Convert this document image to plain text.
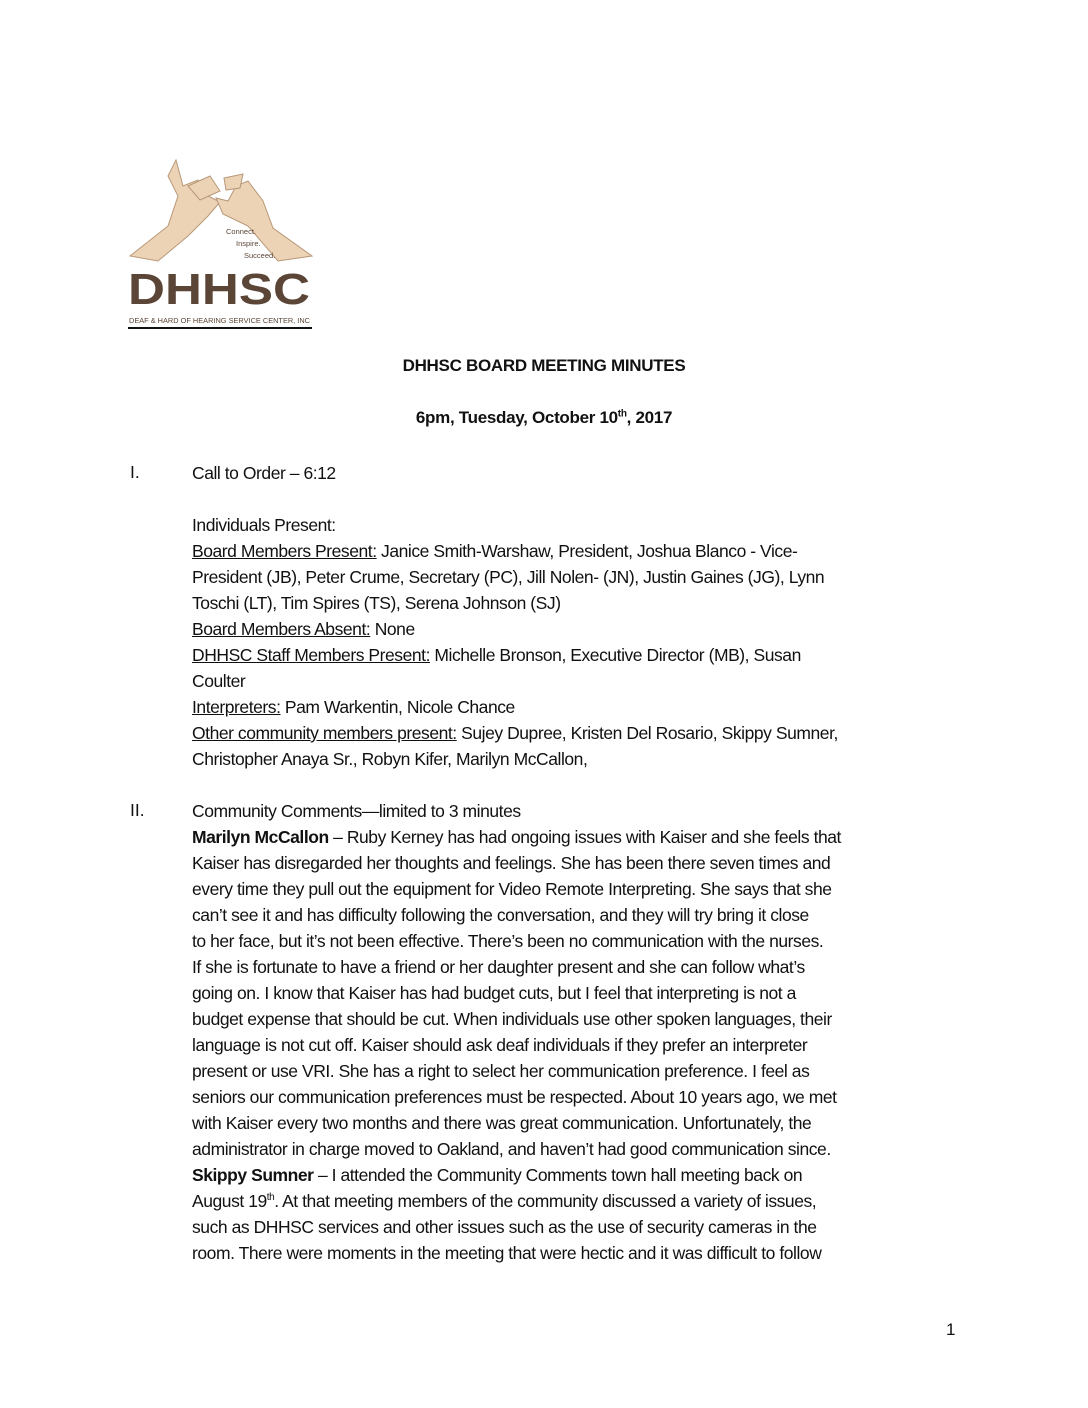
Connect.
Inspire.
Succeed.
DHHSC
DEAF & HARD OF HEARING SERVICE CENTER, INC
DHHSC BOARD MEETING MINUTES
6pm, Tuesday, October 10th, 2017
I.	Call to Order – 6:12
Individuals Present:
Board Members Present: Janice Smith-Warshaw, President, Joshua Blanco - Vice-
President (JB), Peter Crume, Secretary (PC), Jill Nolen- (JN), Justin Gaines (JG), Lynn
Toschi (LT), Tim Spires (TS), Serena Johnson (SJ)
Board Members Absent: None
DHHSC Staff Members Present: Michelle Bronson, Executive Director (MB), Susan
Coulter
Interpreters: Pam Warkentin, Nicole Chance
Other community members present: Sujey Dupree, Kristen Del Rosario, Skippy Sumner,
Christopher Anaya Sr., Robyn Kifer, Marilyn McCallon,
II.	Community Comments—limited to 3 minutes
Marilyn McCallon – Ruby Kerney has had ongoing issues with Kaiser and she feels that
Kaiser has disregarded her thoughts and feelings. She has been there seven times and
every time they pull out the equipment for Video Remote Interpreting. She says that she
can’t see it and has difficulty following the conversation, and they will try bring it close
to her face, but it’s not been effective. There’s been no communication with the nurses.
If she is fortunate to have a friend or her daughter present and she can follow what’s
going on. I know that Kaiser has had budget cuts, but I feel that interpreting is not a
budget expense that should be cut. When individuals use other spoken languages, their
language is not cut off. Kaiser should ask deaf individuals if they prefer an interpreter
present or use VRI. She has a right to select her communication preference. I feel as
seniors our communication preferences must be respected. About 10 years ago, we met
with Kaiser every two months and there was great communication. Unfortunately, the
administrator in charge moved to Oakland, and haven’t had good communication since.
Skippy Sumner – I attended the Community Comments town hall meeting back on
August 19th. At that meeting members of the community discussed a variety of issues,
such as DHHSC services and other issues such as the use of security cameras in the
room. There were moments in the meeting that were hectic and it was difficult to follow
1
